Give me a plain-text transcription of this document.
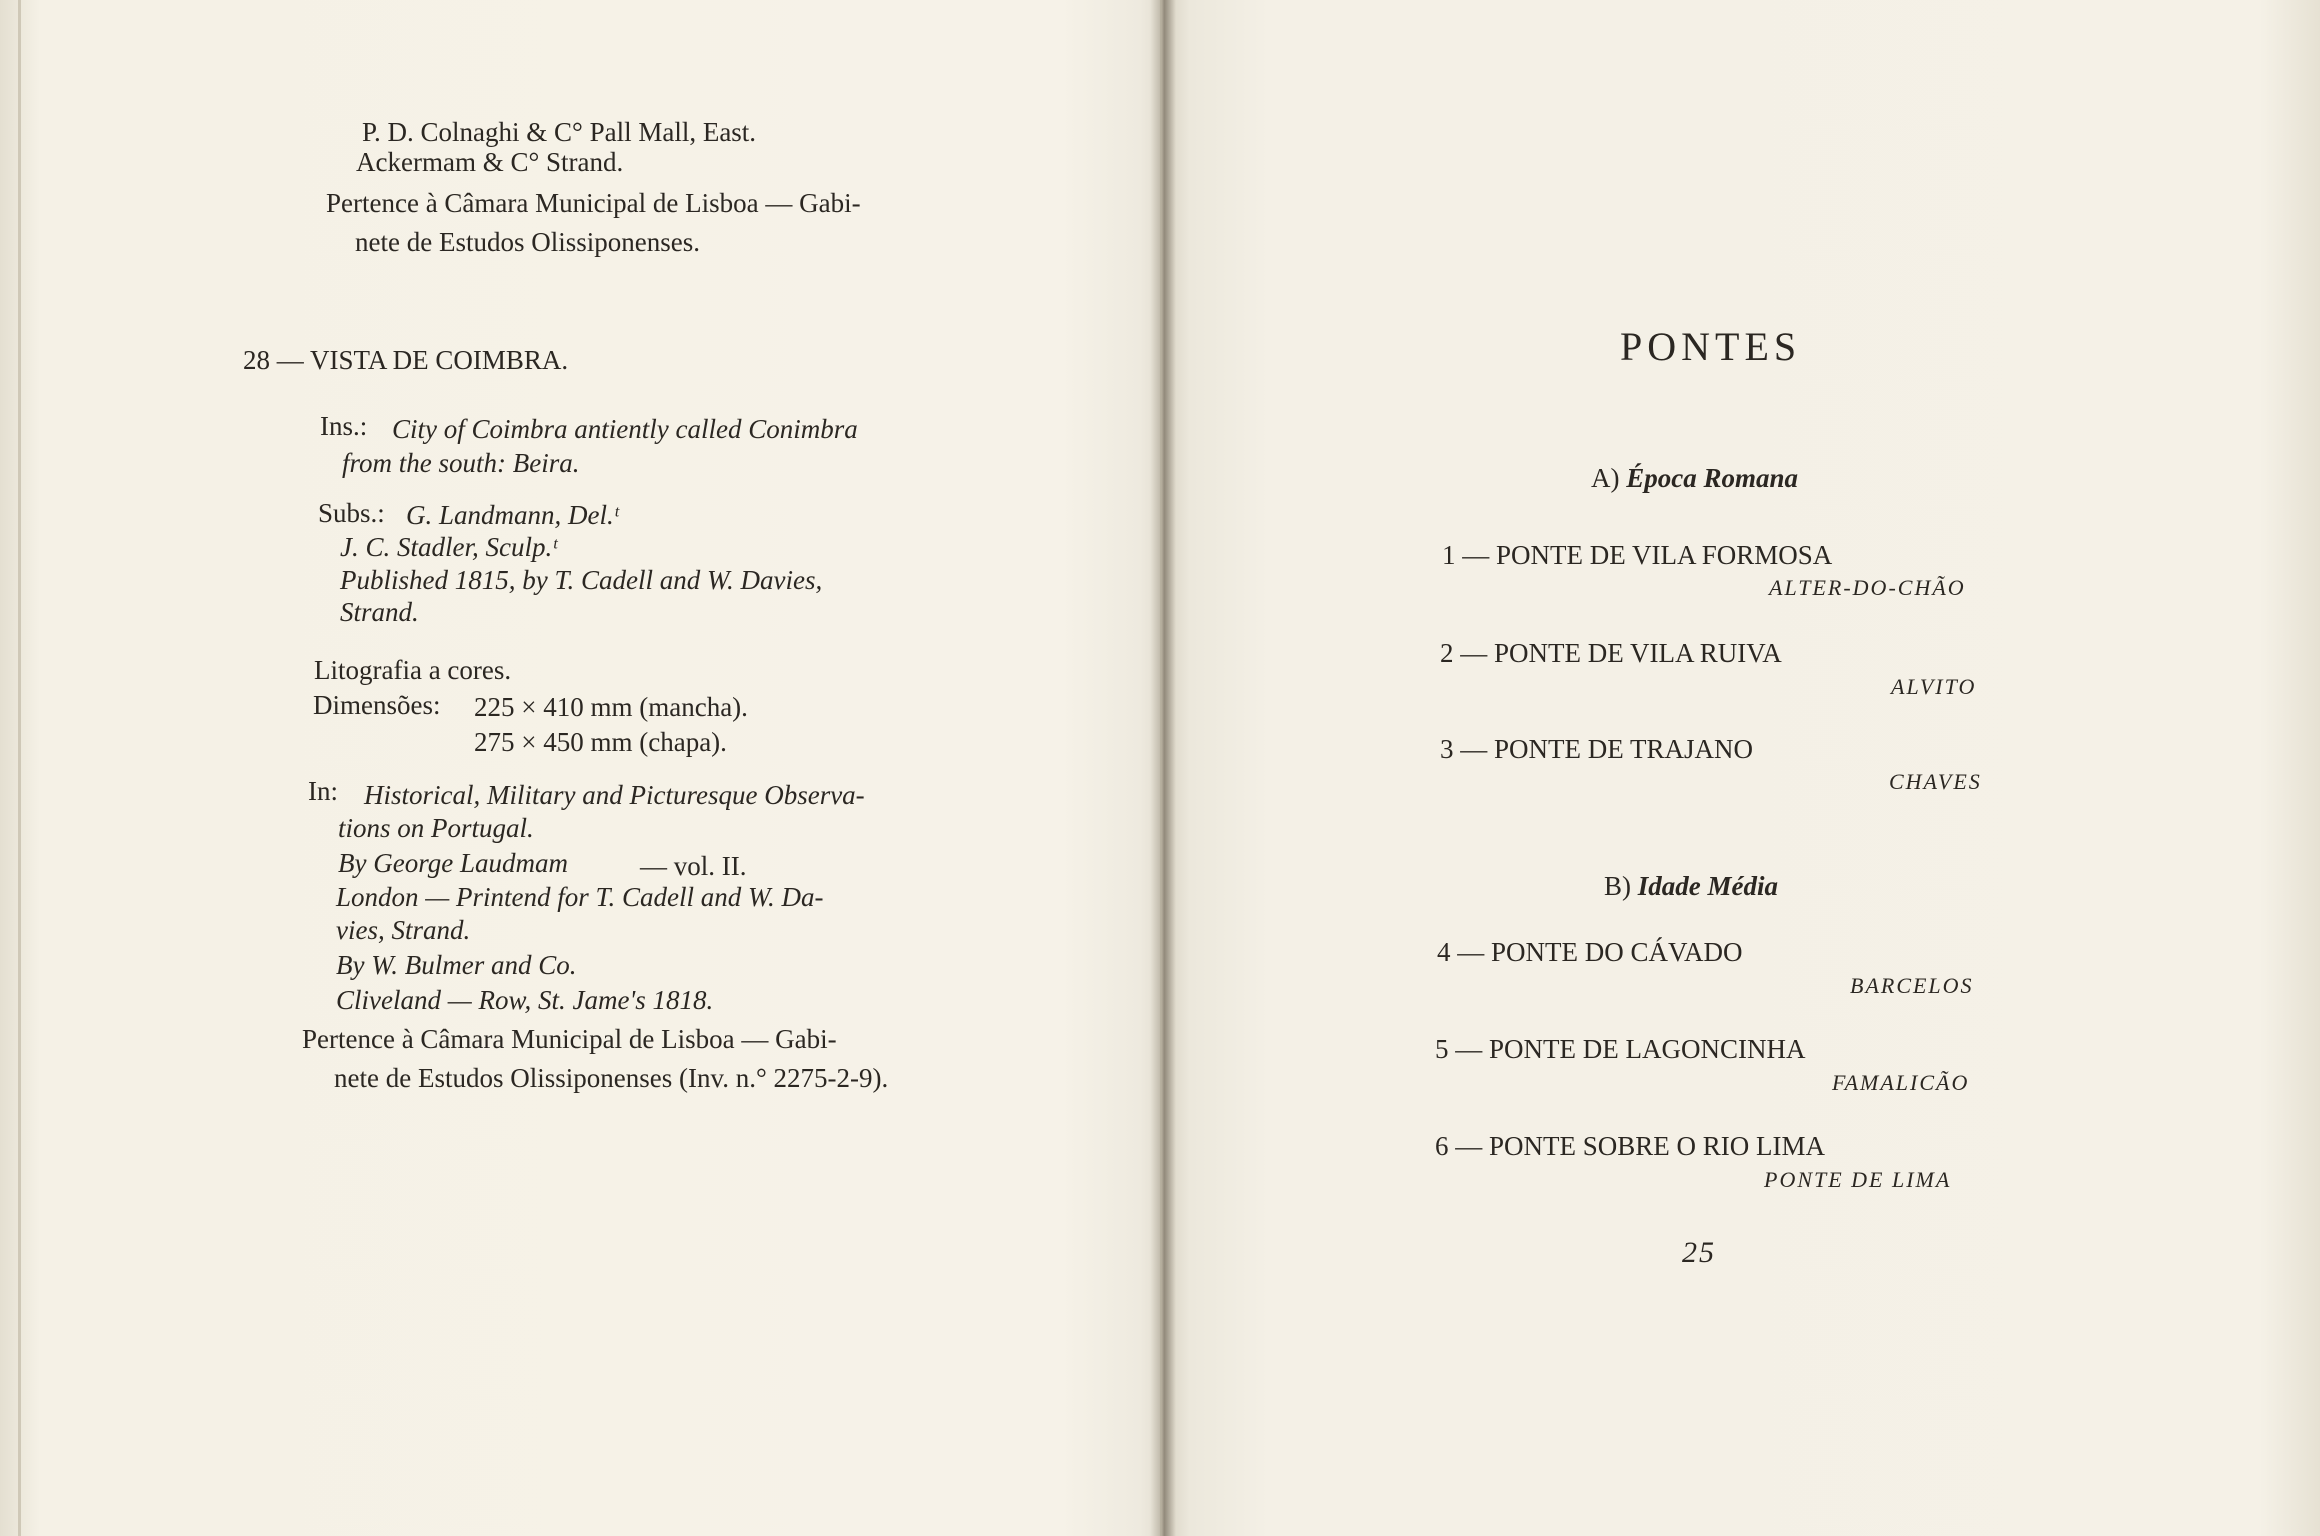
P. D. Colnaghi & C° Pall Mall, East.
Ackermam & C° Strand.
Pertence à Câmara Municipal de Lisboa — Gabi-
nete de Estudos Olissiponenses.
28 — VISTA DE COIMBRA.
Ins.: City of Coimbra antiently called Conimbra
from the south: Beira.
Subs.: G. Landmann, Del.ᵗ
J. C. Stadler, Sculp.ᵗ
Published 1815, by T. Cadell and W. Davies,
Strand.
Litografia a cores.
Dimensões: 225 × 410 mm (mancha).
275 × 450 mm (chapa).
In: Historical, Military and Picturesque Observa-
tions on Portugal.
By George Laudmam	— vol. II.
London — Printend for T. Cadell and W. Da-
vies, Strand.
By W. Bulmer and Co.
Cliveland — Row, St. Jame's 1818.
Pertence à Câmara Municipal de Lisboa — Gabi-
nete de Estudos Olissiponenses (Inv. n.° 2275-2-9).
PONTES
A) Época Romana
1 — PONTE DE VILA FORMOSA
ALTER-DO-CHÃO
2 — PONTE DE VILA RUIVA
ALVITO
3 — PONTE DE TRAJANO
CHAVES
B) Idade Média
4 — PONTE DO CÁVADO
BARCELOS
5 — PONTE DE LAGONCINHA
FAMALICÃO
6 — PONTE SOBRE O RIO LIMA
PONTE DE LIMA
25
